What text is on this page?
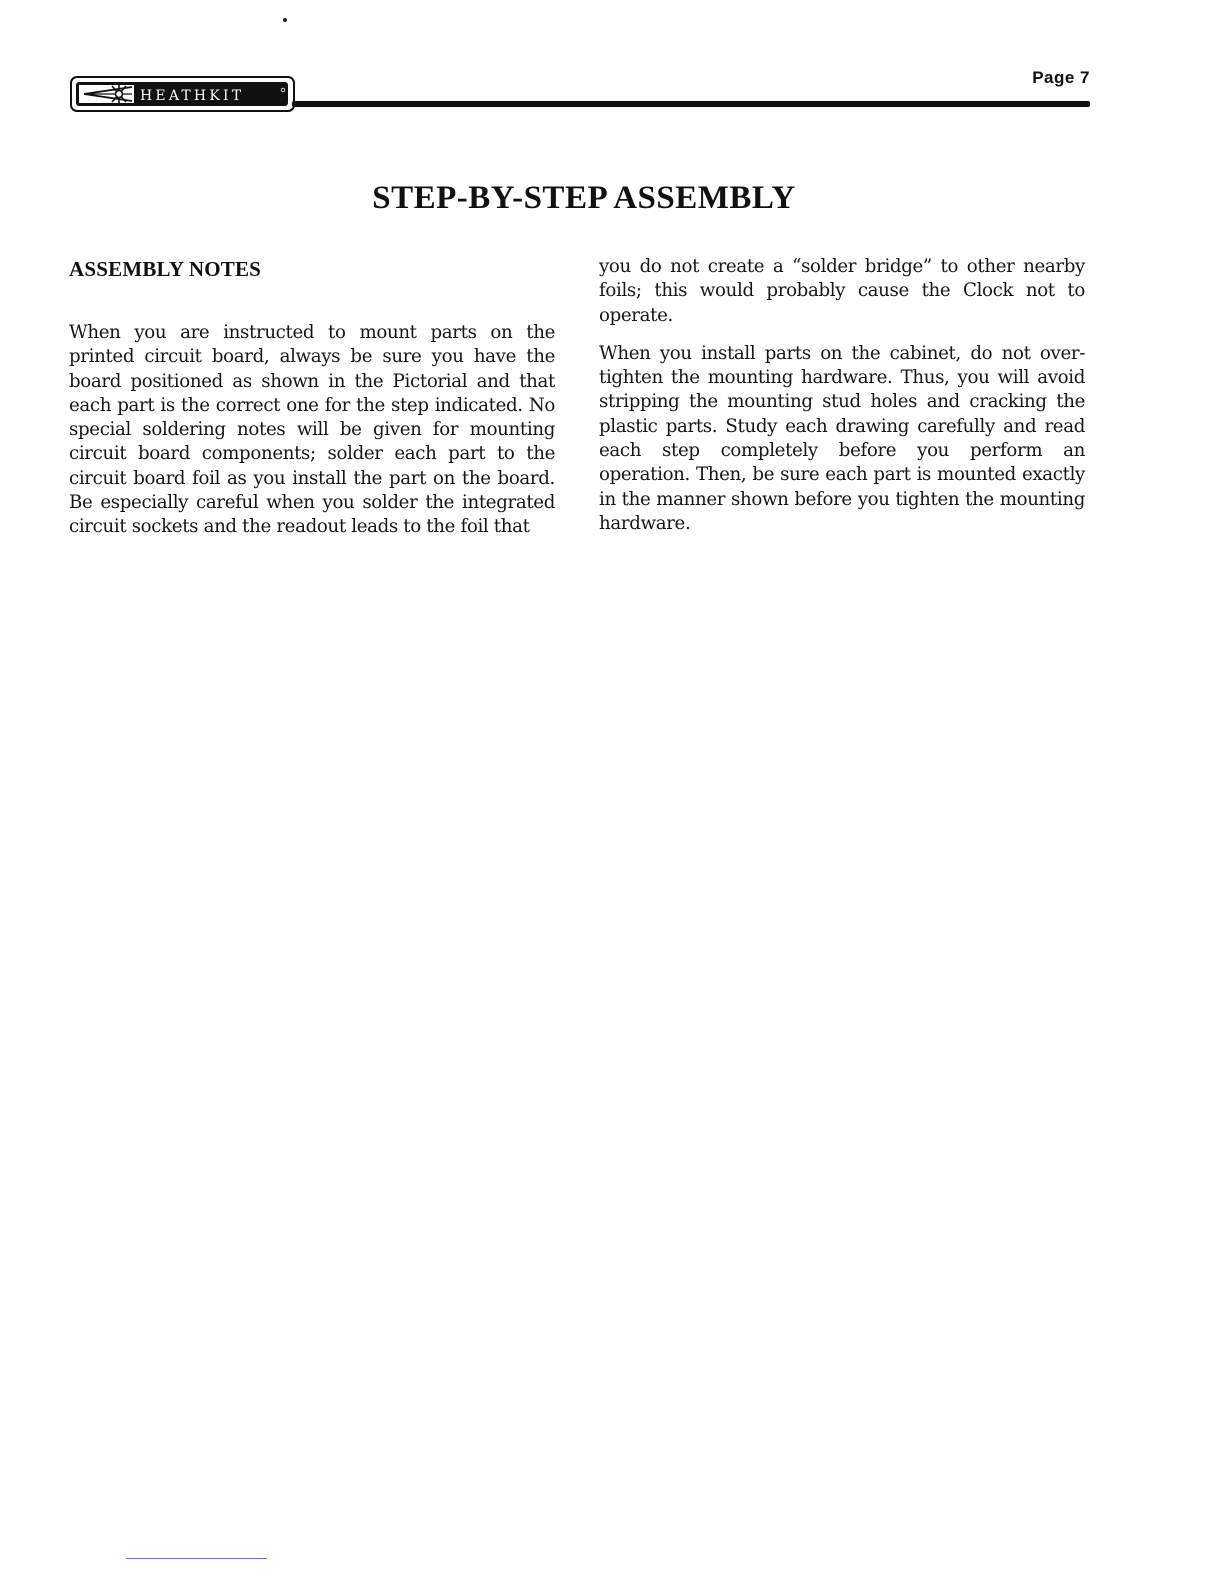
HEATHKIT
Page 7
STEP-BY-STEP ASSEMBLY
ASSEMBLY NOTES

When you are instructed to mount parts on the printed circuit board, always be sure you have the board positioned as shown in the Pictorial and that each part is the correct one for the step indicated. No special soldering notes will be given for mounting circuit board components; solder each part to the circuit board foil as you install the part on the board. Be especially careful when you solder the integrated circuit sockets and the readout leads to the foil that

you do not create a “solder bridge” to other nearby foils; this would probably cause the Clock not to operate.

When you install parts on the cabinet, do not over-tighten the mounting hardware. Thus, you will avoid stripping the mounting stud holes and cracking the plastic parts. Study each drawing carefully and read each step completely before you perform an operation. Then, be sure each part is mounted exactly in the manner shown before you tighten the mounting hardware.
